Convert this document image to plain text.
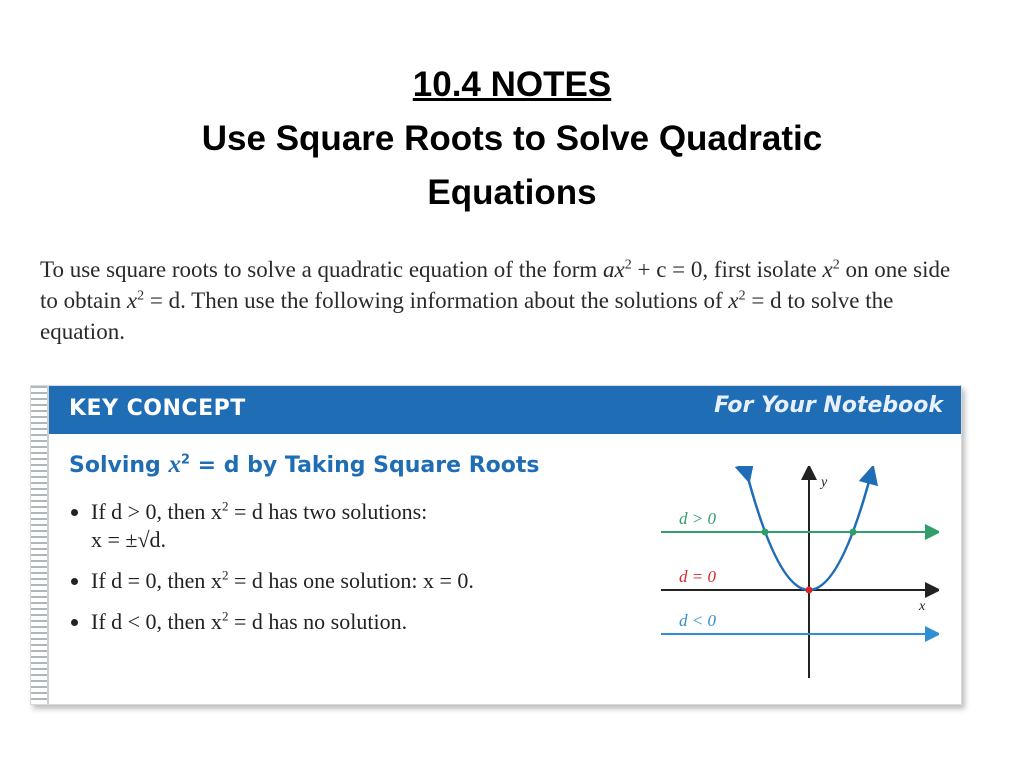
10.4 NOTES
Use Square Roots to Solve Quadratic
Equations
To use square roots to solve a quadratic equation of the form $ax^2 + c = 0$, first isolate $x^2$ on one side to obtain $x^2 = d$. Then use the following information about the solutions of $x^2 = d$ to solve the equation.
KEY CONCEPT	For Your Notebook
Solving $x^2 = d$ by Taking Square Roots
If d > 0, then $x^2 = d$ has two solutions:
x = ±√d.
If d = 0, then $x^2 = d$ has one solution: x = 0.
If d < 0, then $x^2 = d$ has no solution.
y
d > 0
d = 0
x
d < 0
